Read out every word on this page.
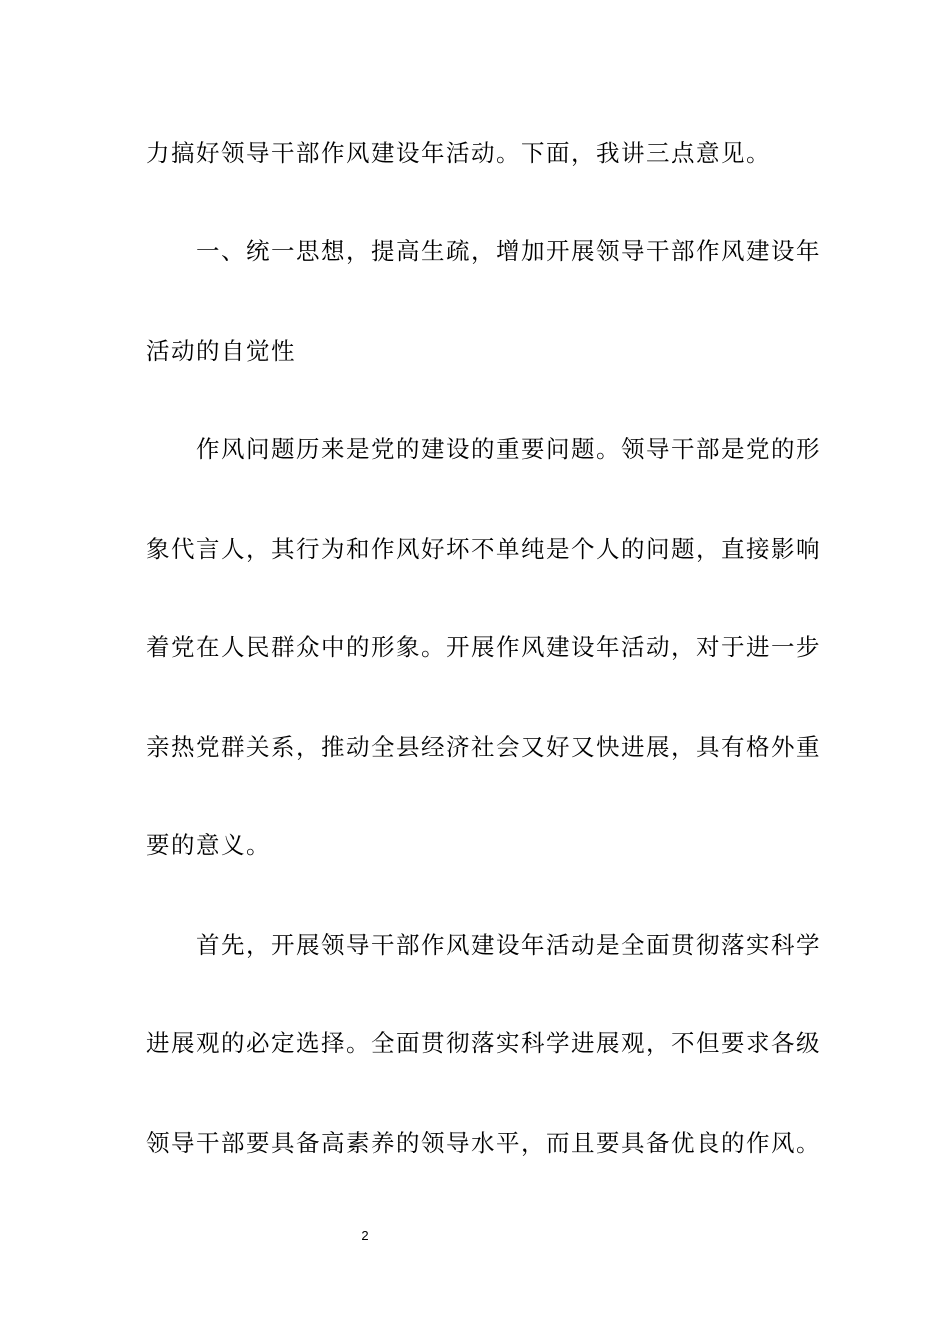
力搞好领导干部作风建设年活动。下面，我讲三点意见。
一、统一思想，提高生疏，增加开展领导干部作风建设年
活动的自觉性
作风问题历来是党的建设的重要问题。领导干部是党的形
象代言人，其行为和作风好坏不单纯是个人的问题，直接影响
着党在人民群众中的形象。开展作风建设年活动，对于进一步
亲热党群关系，推动全县经济社会又好又快进展，具有格外重
要的意义。
首先，开展领导干部作风建设年活动是全面贯彻落实科学
进展观的必定选择。全面贯彻落实科学进展观，不但要求各级
领导干部要具备高素养的领导水平，而且要具备优良的作风。
2
